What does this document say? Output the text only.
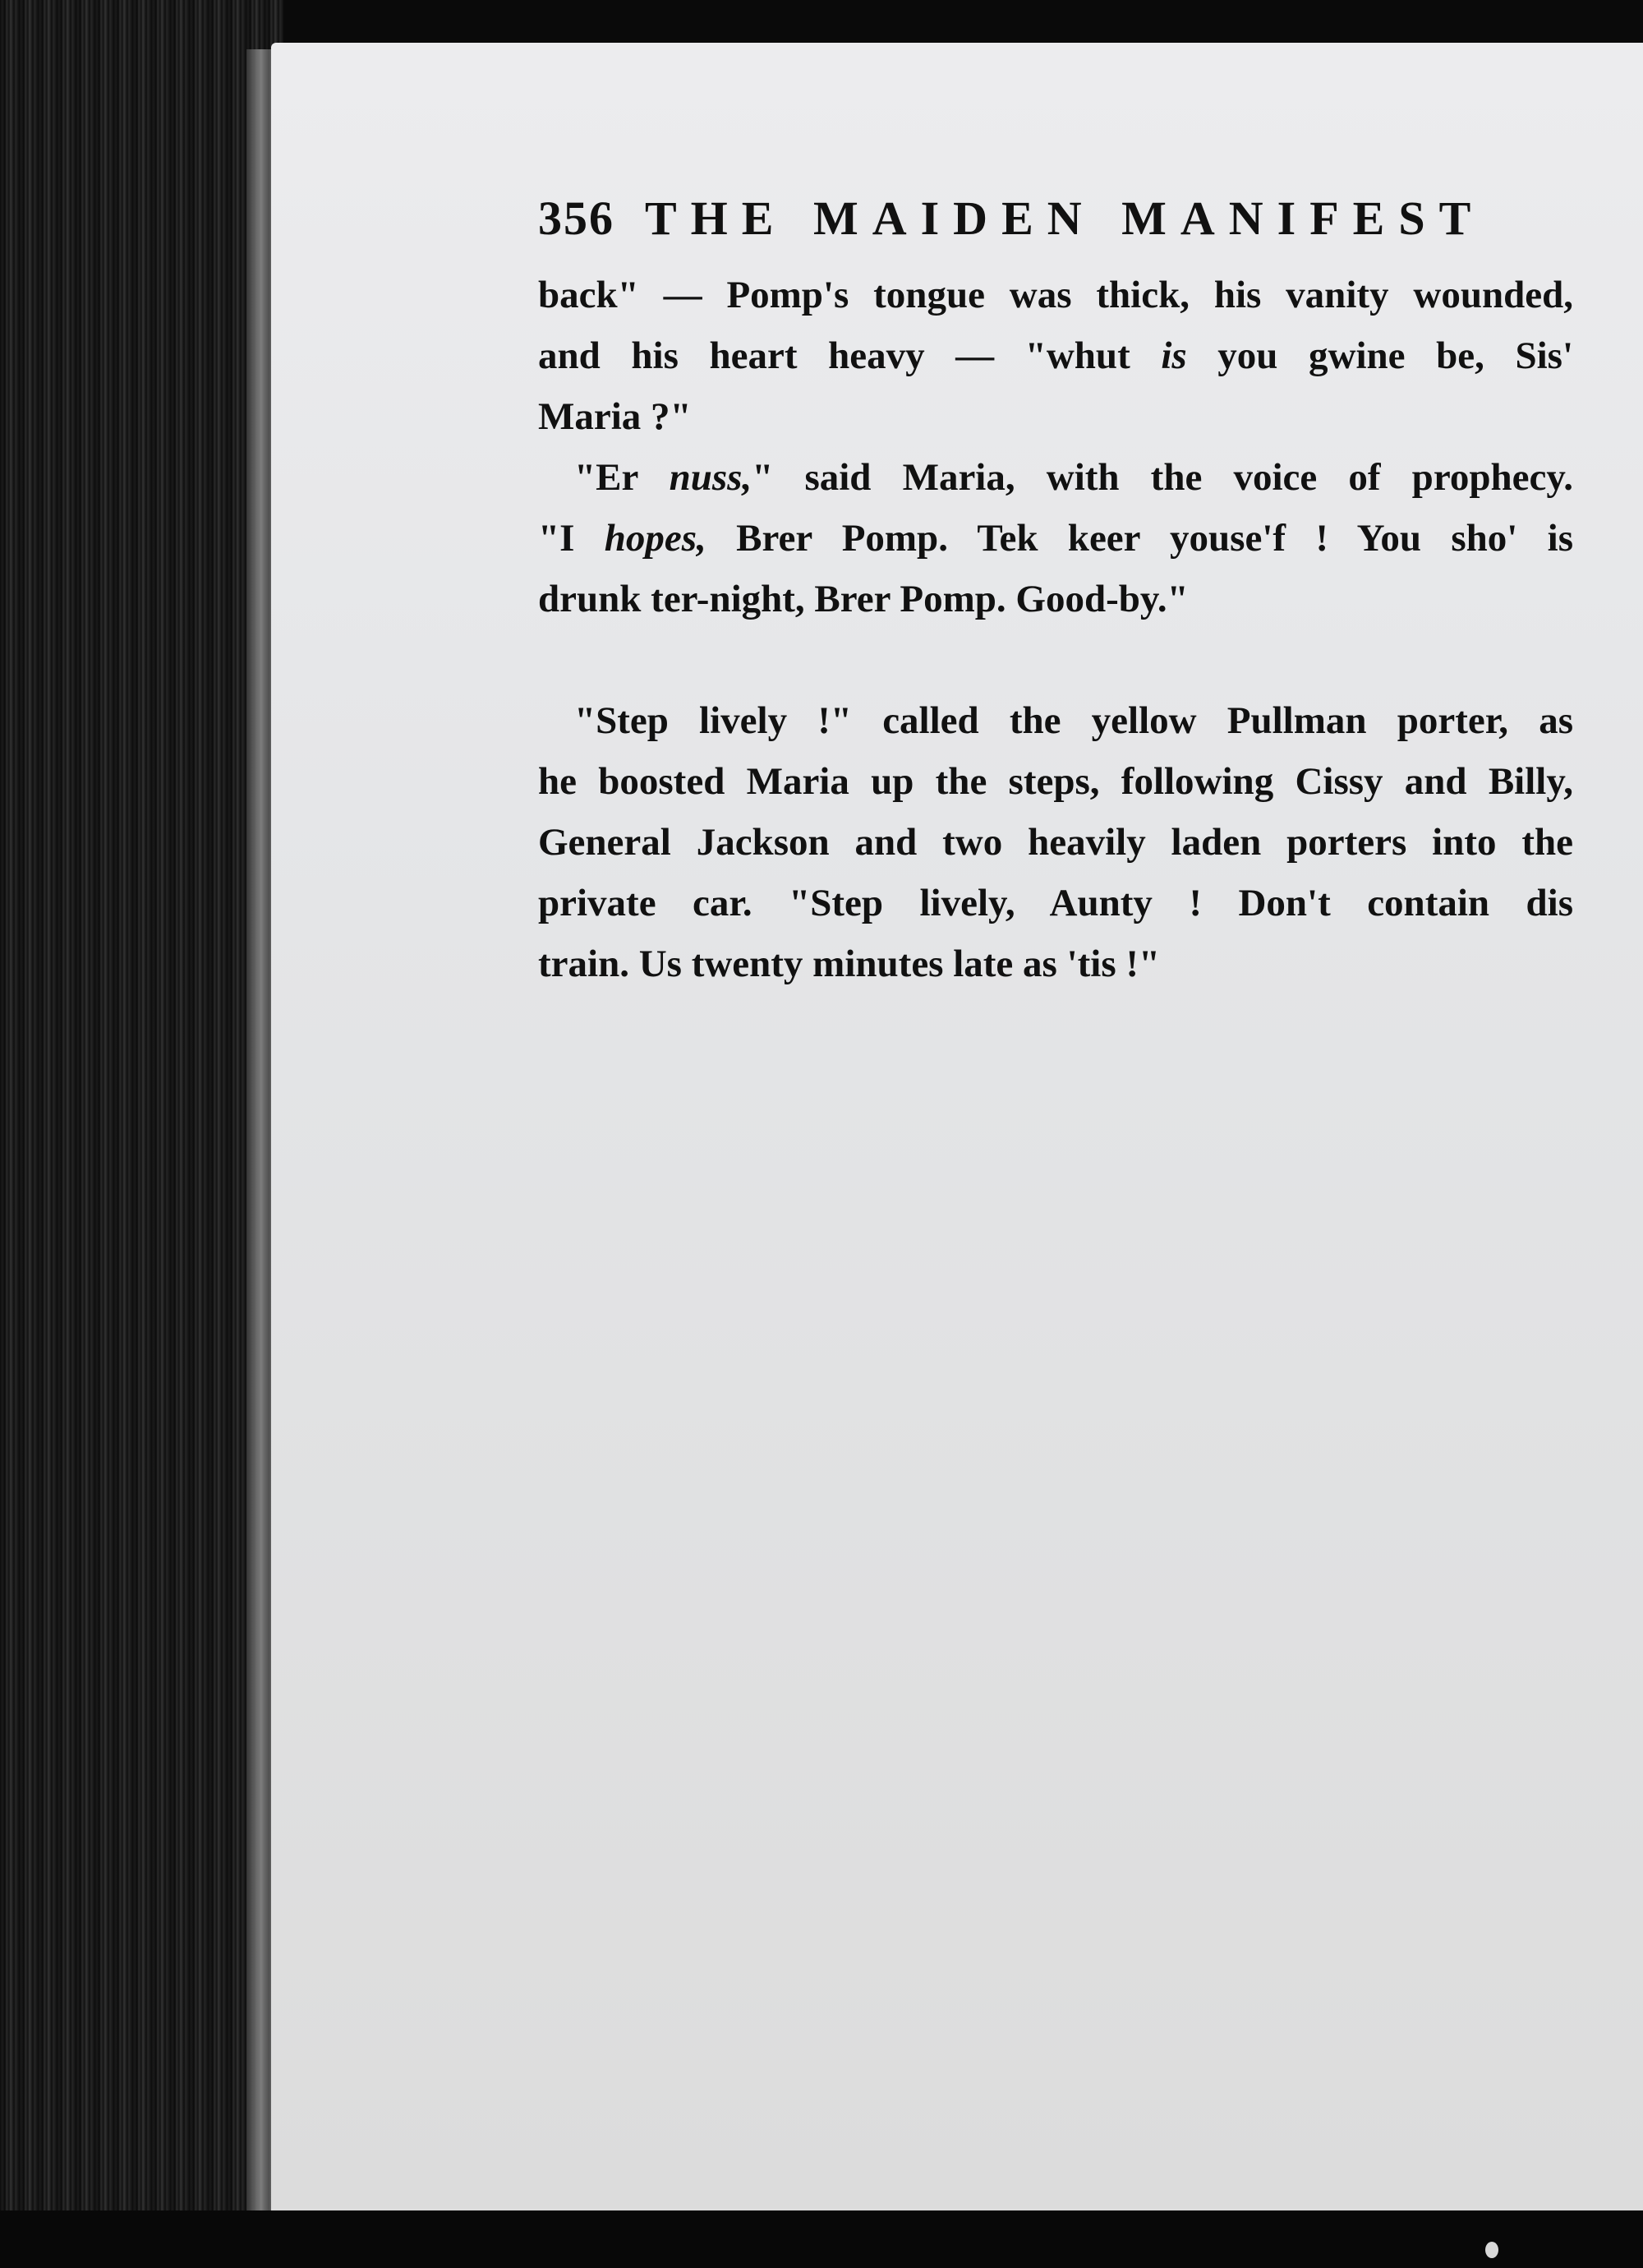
356 THE MAIDEN MANIFEST
back" — Pomp's tongue was thick, his vanity wounded,
and his heart heavy — "whut is you gwine be, Sis'
Maria ?"
"Er nuss," said Maria, with the voice of prophecy.
"I hopes, Brer Pomp. Tek keer youse'f ! You sho' is
drunk ter-night, Brer Pomp. Good-by."
"Step lively !" called the yellow Pullman porter, as
he boosted Maria up the steps, following Cissy and Billy,
General Jackson and two heavily laden porters into the
private car. "Step lively, Aunty ! Don't contain dis
train. Us twenty minutes late as 'tis !"
